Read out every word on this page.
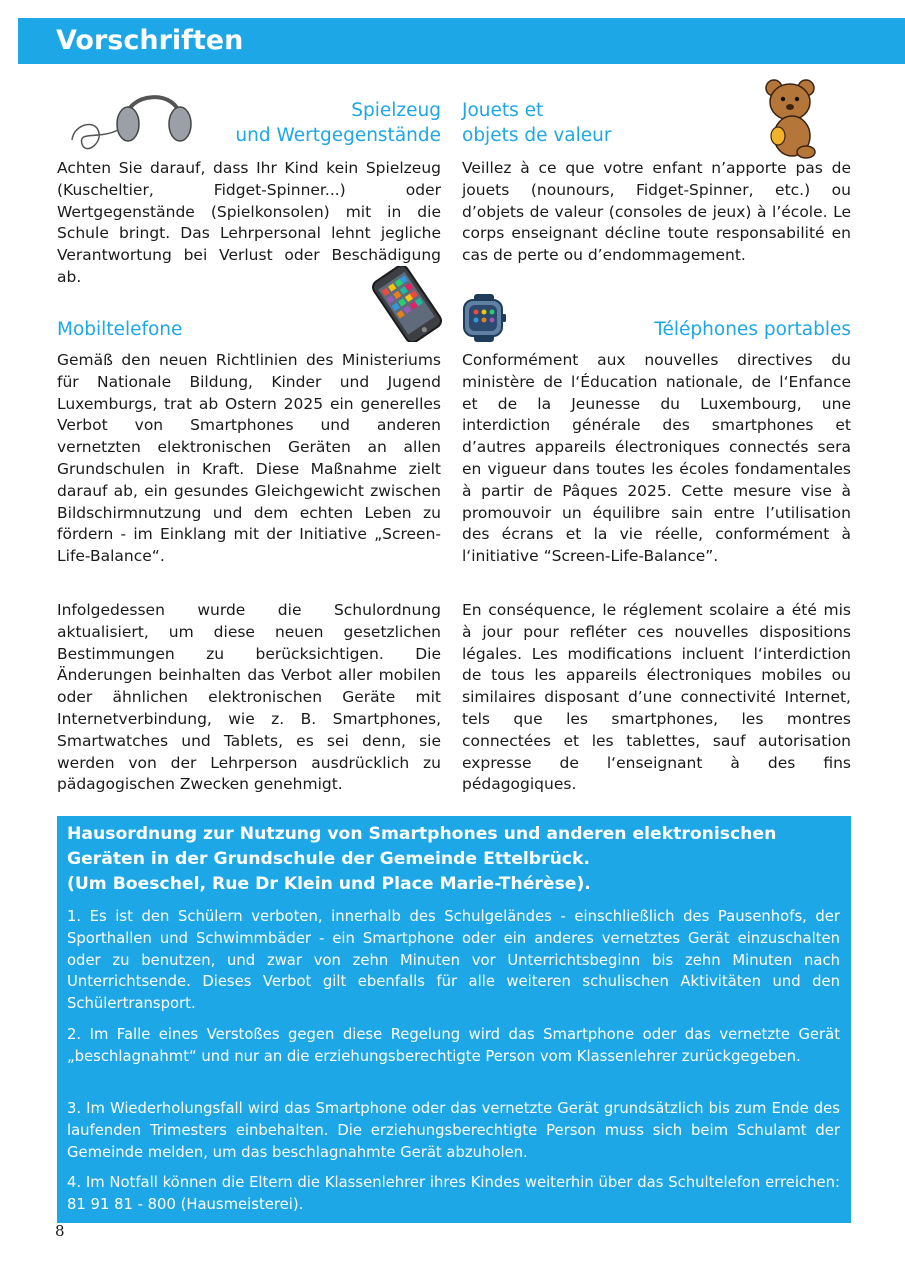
Vorschriften
Spielzeug
und Wertgegenstände

Achten Sie darauf, dass Ihr Kind kein Spielzeug (Kuscheltier, Fidget-Spinner...) oder Wertgegenstände (Spielkonsolen) mit in die Schule bringt. Das Lehrpersonal lehnt jegliche Verantwortung bei Verlust oder Beschädigung ab.

Jouets et
objets de valeur

Veillez à ce que votre enfant n’apporte pas de jouets (nounours, Fidget-Spinner, etc.) ou d’objets de valeur (consoles de jeux) à l’école. Le corps enseignant décline toute responsabilité en cas de perte ou d’endommagement.

Mobiltelefone

Gemäß den neuen Richtlinien des Ministeriums für Nationale Bildung, Kinder und Jugend Luxemburgs, trat ab Ostern 2025 ein generelles Verbot von Smartphones und anderen vernetzten elektronischen Geräten an allen Grundschulen in Kraft. Diese Maßnahme zielt darauf ab, ein gesundes Gleichgewicht zwischen Bildschirmnutzung und dem echten Leben zu fördern - im Einklang mit der Initiative „Screen-Life-Balance“.

Infolgedessen wurde die Schulordnung aktualisiert, um diese neuen gesetzlichen Bestimmungen zu berücksichtigen. Die Änderungen beinhalten das Verbot aller mobilen oder ähnlichen elektronischen Geräte mit Internetverbindung, wie z. B. Smartphones, Smartwatches und Tablets, es sei denn, sie werden von der Lehrperson ausdrücklich zu pädagogischen Zwecken genehmigt.

Téléphones portables

Conformément aux nouvelles directives du ministère de l‘Éducation nationale, de l‘Enfance et de la Jeunesse du Luxembourg, une interdiction générale des smartphones et d’autres appareils électroniques connectés sera en vigueur dans toutes les écoles fondamentales à partir de Pâques 2025. Cette mesure vise à promouvoir un équilibre sain entre l’utilisation des écrans et la vie réelle, conformément à l‘initiative “Screen-Life-Balance”.

En conséquence, le réglement scolaire a été mis à jour pour refléter ces nouvelles dispositions légales. Les modifications incluent l‘interdiction de tous les appareils électroniques mobiles ou similaires disposant d’une connectivité Internet, tels que les smartphones, les montres connectées et les tablettes, sauf autorisation expresse de l‘enseignant à des fins pédagogiques.

Hausordnung zur Nutzung von Smartphones und anderen elektronischen
Geräten in der Grundschule der Gemeinde Ettelbrück.
(Um Boeschel, Rue Dr Klein und Place Marie-Thérèse).

1. Es ist den Schülern verboten, innerhalb des Schulgeländes - einschließlich des Pausenhofs, der Sporthallen und Schwimmbäder - ein Smartphone oder ein anderes vernetztes Gerät einzuschalten oder zu benutzen, und zwar von zehn Minuten vor Unterrichtsbeginn bis zehn Minuten nach Unterrichtsende. Dieses Verbot gilt ebenfalls für alle weiteren schulischen Aktivitäten und den Schülertransport.

2. Im Falle eines Verstoßes gegen diese Regelung wird das Smartphone oder das vernetzte Gerät „beschlagnahmt“ und nur an die erziehungsberechtigte Person vom Klassenlehrer zurückgegeben.

3. Im Wiederholungsfall wird das Smartphone oder das vernetzte Gerät grundsätzlich bis zum Ende des laufenden Trimesters einbehalten. Die erziehungsberechtigte Person muss sich beim Schulamt der Gemeinde melden, um das beschlagnahmte Gerät abzuholen.

4. Im Notfall können die Eltern die Klassenlehrer ihres Kindes weiterhin über das Schultelefon erreichen: 81 91 81 - 800 (Hausmeisterei).

8
